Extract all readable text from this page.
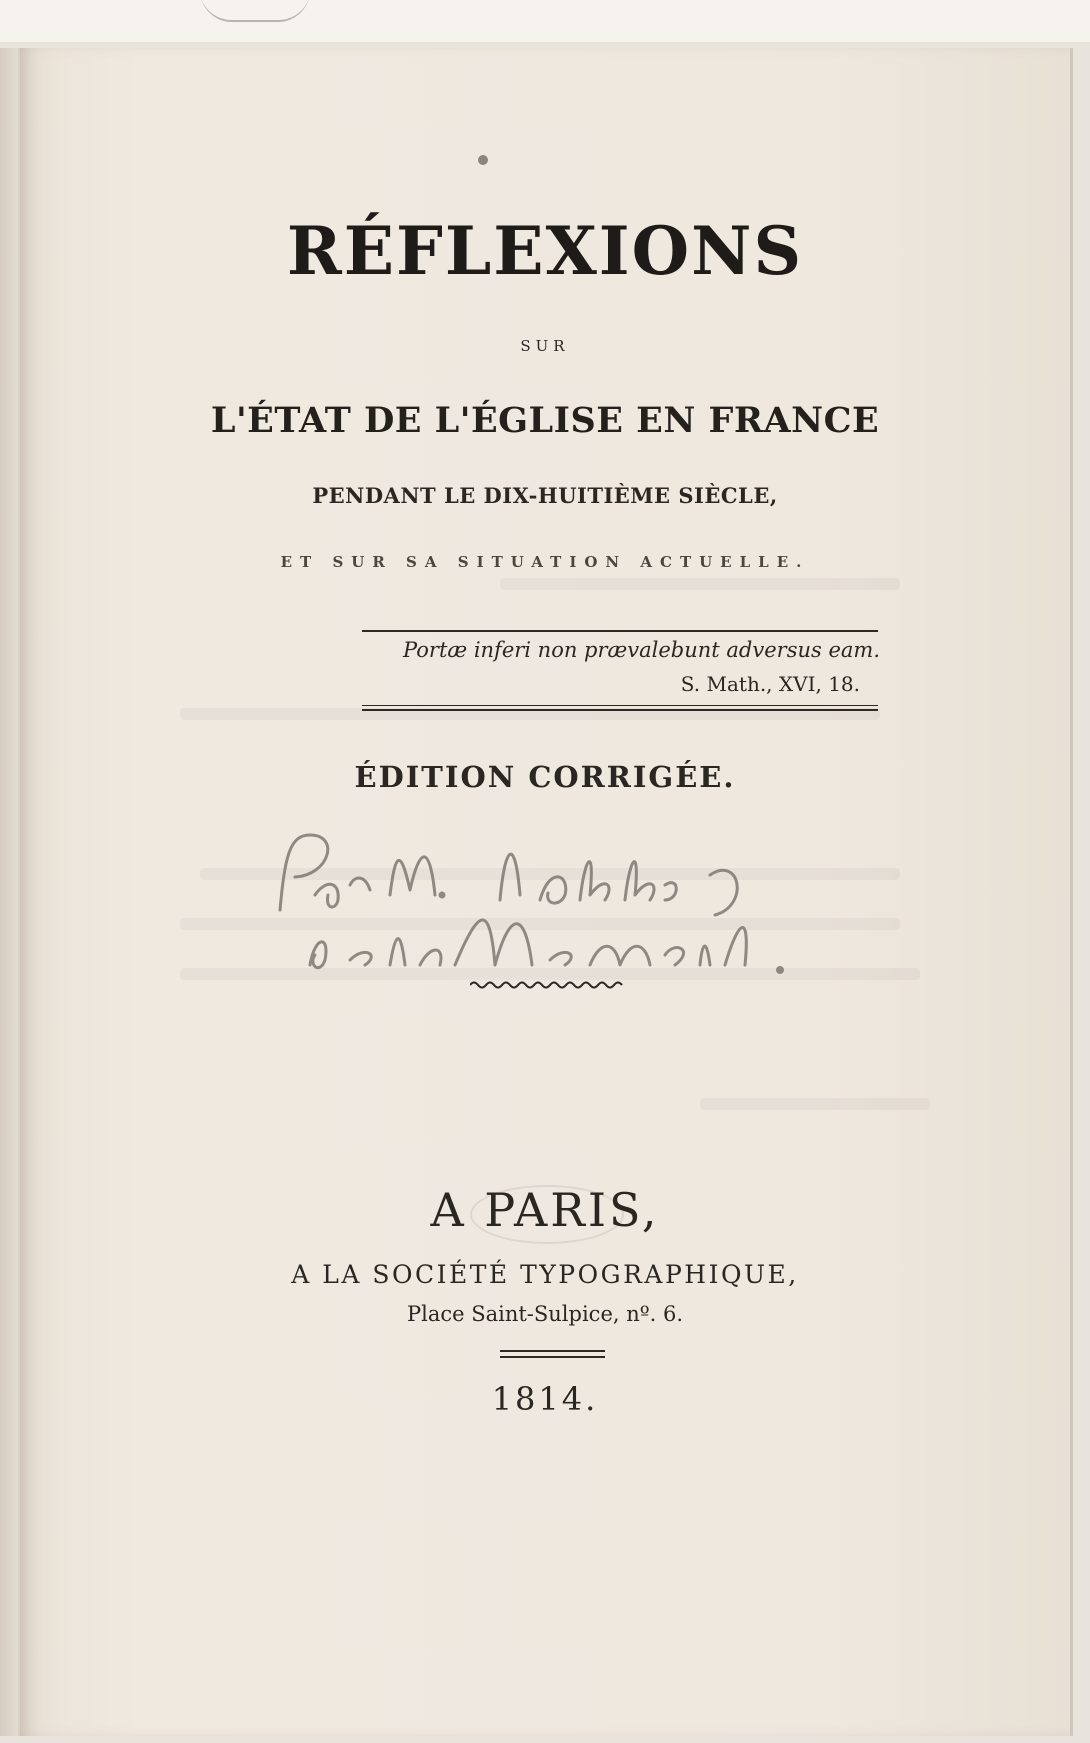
RÉFLEXIONS
SUR
L'ÉTAT DE L'ÉGLISE EN FRANCE
PENDANT LE DIX-HUITIÈME SIÈCLE,
ET SUR SA SITUATION ACTUELLE.
Portæ inferi non prævalebunt adversus eam.
S. Math., XVI, 18.
ÉDITION CORRIGÉE.
A PARIS,
A LA SOCIÉTÉ TYPOGRAPHIQUE,
Place Saint-Sulpice, nº. 6.
1814.
